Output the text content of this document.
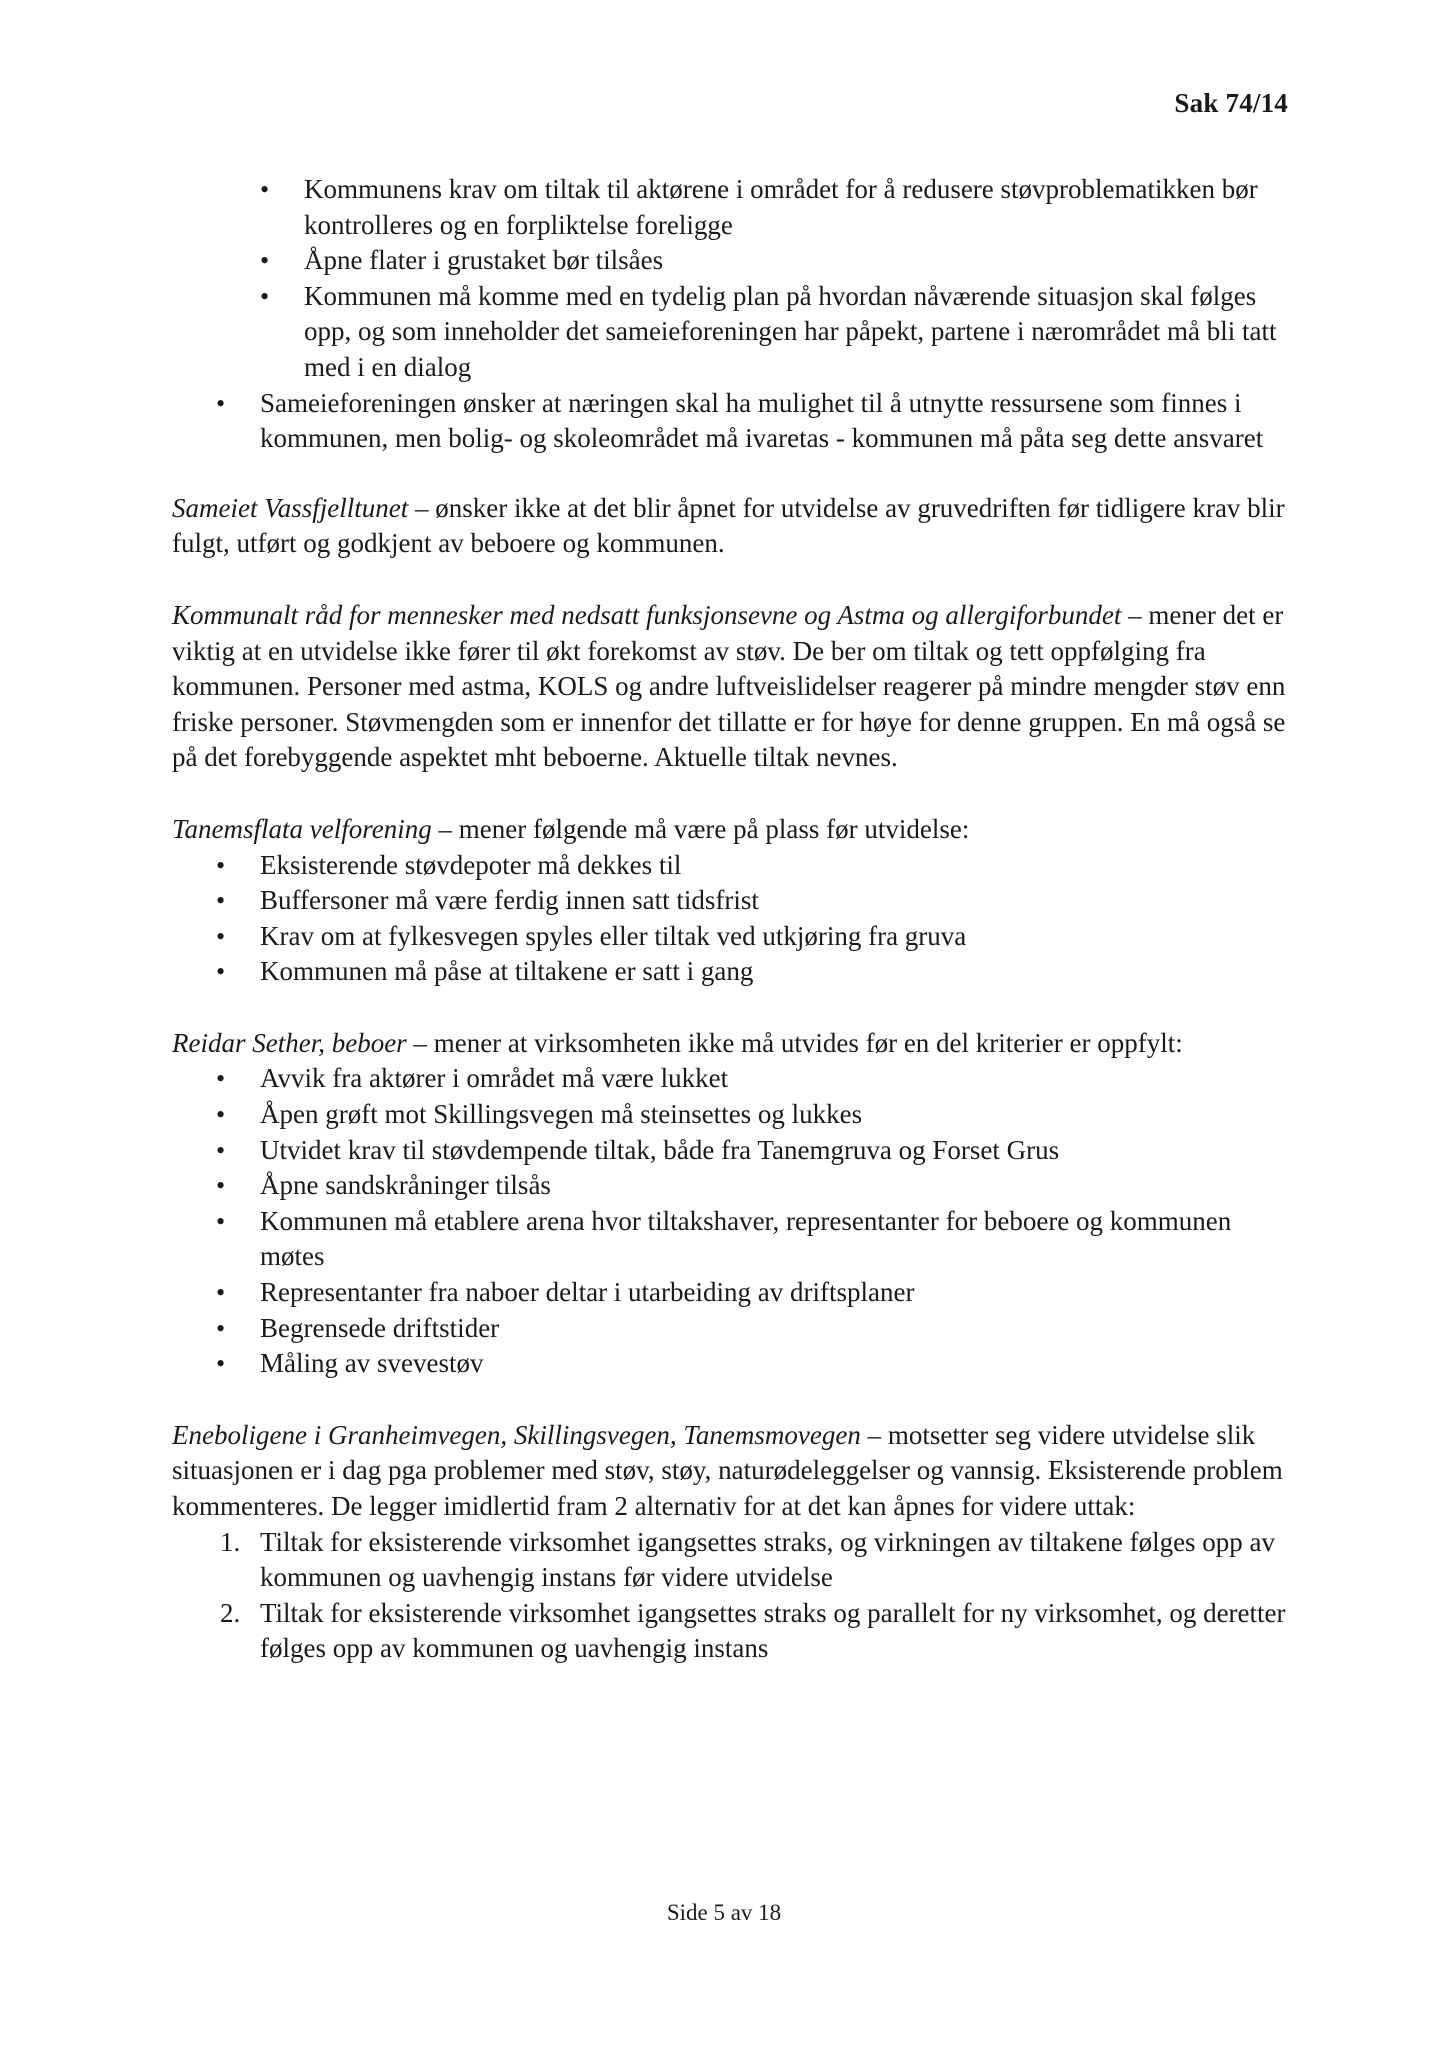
Sak 74/14
• Kommunens krav om tiltak til aktørene i området for å redusere støvproblematikken bør kontrolleres og en forpliktelse foreligge
• Åpne flater i grustaket bør tilsåes
• Kommunen må komme med en tydelig plan på hvordan nåværende situasjon skal følges opp, og som inneholder det sameieforeningen har påpekt, partene i nærområdet må bli tatt med i en dialog
• Sameieforeningen ønsker at næringen skal ha mulighet til å utnytte ressursene som finnes i kommunen, men bolig- og skoleområdet må ivaretas - kommunen må påta seg dette ansvaret

Sameiet Vassfjelltunet – ønsker ikke at det blir åpnet for utvidelse av gruvedriften før tidligere krav blir fulgt, utført og godkjent av beboere og kommunen.

Kommunalt råd for mennesker med nedsatt funksjonsevne og Astma og allergiforbundet – mener det er viktig at en utvidelse ikke fører til økt forekomst av støv. De ber om tiltak og tett oppfølging fra kommunen. Personer med astma, KOLS og andre luftveislidelser reagerer på mindre mengder støv enn friske personer. Støvmengden som er innenfor det tillatte er for høye for denne gruppen. En må også se på det forebyggende aspektet mht beboerne. Aktuelle tiltak nevnes.

Tanemsflata velforening – mener følgende må være på plass før utvidelse:

• Eksisterende støvdepoter må dekkes til
• Buffersoner må være ferdig innen satt tidsfrist
• Krav om at fylkesvegen spyles eller tiltak ved utkjøring fra gruva
• Kommunen må påse at tiltakene er satt i gang

Reidar Sether, beboer – mener at virksomheten ikke må utvides før en del kriterier er oppfylt:

• Avvik fra aktører i området må være lukket
• Åpen grøft mot Skillingsvegen må steinsettes og lukkes
• Utvidet krav til støvdempende tiltak, både fra Tanemgruva og Forset Grus
• Åpne sandskråninger tilsås
• Kommunen må etablere arena hvor tiltakshaver, representanter for beboere og kommunen møtes
• Representanter fra naboer deltar i utarbeiding av driftsplaner
• Begrensede driftstider
• Måling av svevestøv

Eneboligene i Granheimvegen, Skillingsvegen, Tanemsmovegen – motsetter seg videre utvidelse slik situasjonen er i dag pga problemer med støv, støy, naturødeleggelser og vannsig. Eksisterende problem kommenteres. De legger imidlertid fram 2 alternativ for at det kan åpnes for videre uttak:

1. Tiltak for eksisterende virksomhet igangsettes straks, og virkningen av tiltakene følges opp av kommunen og uavhengig instans før videre utvidelse
2. Tiltak for eksisterende virksomhet igangsettes straks og parallelt for ny virksomhet, og deretter følges opp av kommunen og uavhengig instans
Side 5 av 18
